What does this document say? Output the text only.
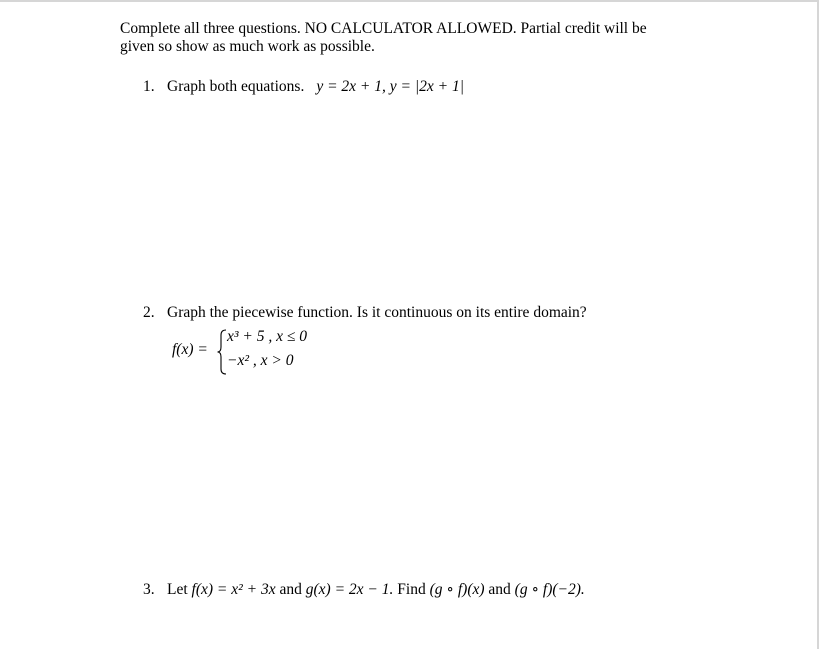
Complete all three questions. NO CALCULATOR ALLOWED. Partial credit will be
given so show as much work as possible.
1. Graph both equations. y = 2x + 1, y = |2x + 1|
2. Graph the piecewise function. Is it continuous on its entire domain?
f(x) =
x³ + 5 , x ≤ 0
−x² , x > 0
3. Let f(x) = x² + 3x and g(x) = 2x − 1. Find (g ∘ f)(x) and (g ∘ f)(−2).
